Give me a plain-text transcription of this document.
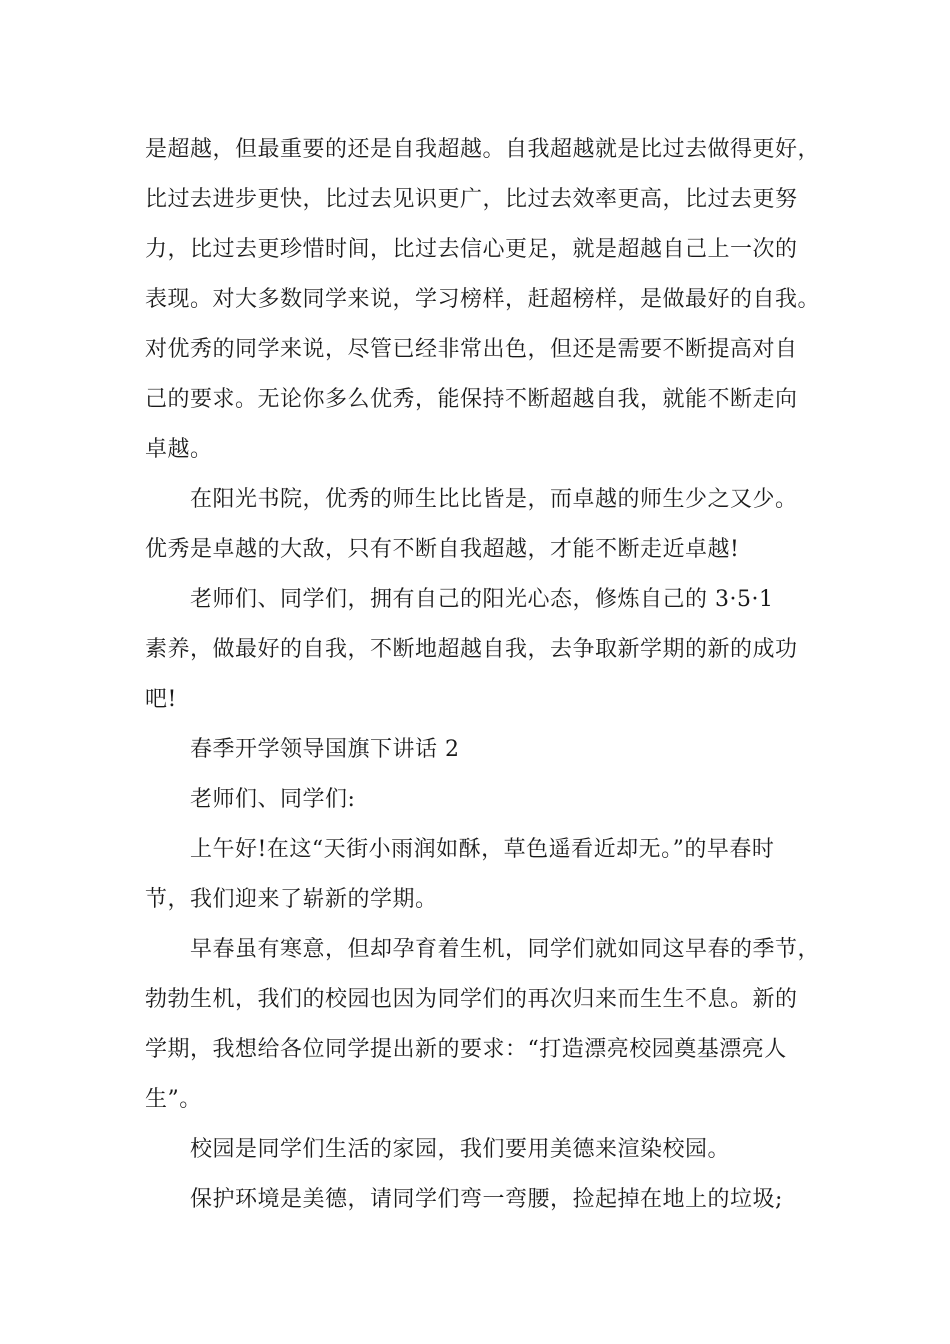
是超越，但最重要的还是自我超越。自我超越就是比过去做得更好，
比过去进步更快，比过去见识更广，比过去效率更高，比过去更努
力，比过去更珍惜时间，比过去信心更足，就是超越自己上一次的
表现。对大多数同学来说，学习榜样，赶超榜样，是做最好的自我。
对优秀的同学来说，尽管已经非常出色，但还是需要不断提高对自
己的要求。无论你多么优秀，能保持不断超越自我，就能不断走向
卓越。
在阳光书院，优秀的师生比比皆是，而卓越的师生少之又少。
优秀是卓越的大敌，只有不断自我超越，才能不断走近卓越!
老师们、同学们，拥有自己的阳光心态，修炼自己的 3·5·1
素养，做最好的自我，不断地超越自我，去争取新学期的新的成功
吧!
春季开学领导国旗下讲话 2
老师们、同学们:
上午好!在这“天街小雨润如酥，草色遥看近却无。”的早春时
节，我们迎来了崭新的学期。
早春虽有寒意，但却孕育着生机，同学们就如同这早春的季节，
勃勃生机，我们的校园也因为同学们的再次归来而生生不息。新的
学期，我想给各位同学提出新的要求：“打造漂亮校园奠基漂亮人
生”。
校园是同学们生活的家园，我们要用美德来渲染校园。
保护环境是美德，请同学们弯一弯腰，捡起掉在地上的垃圾;
